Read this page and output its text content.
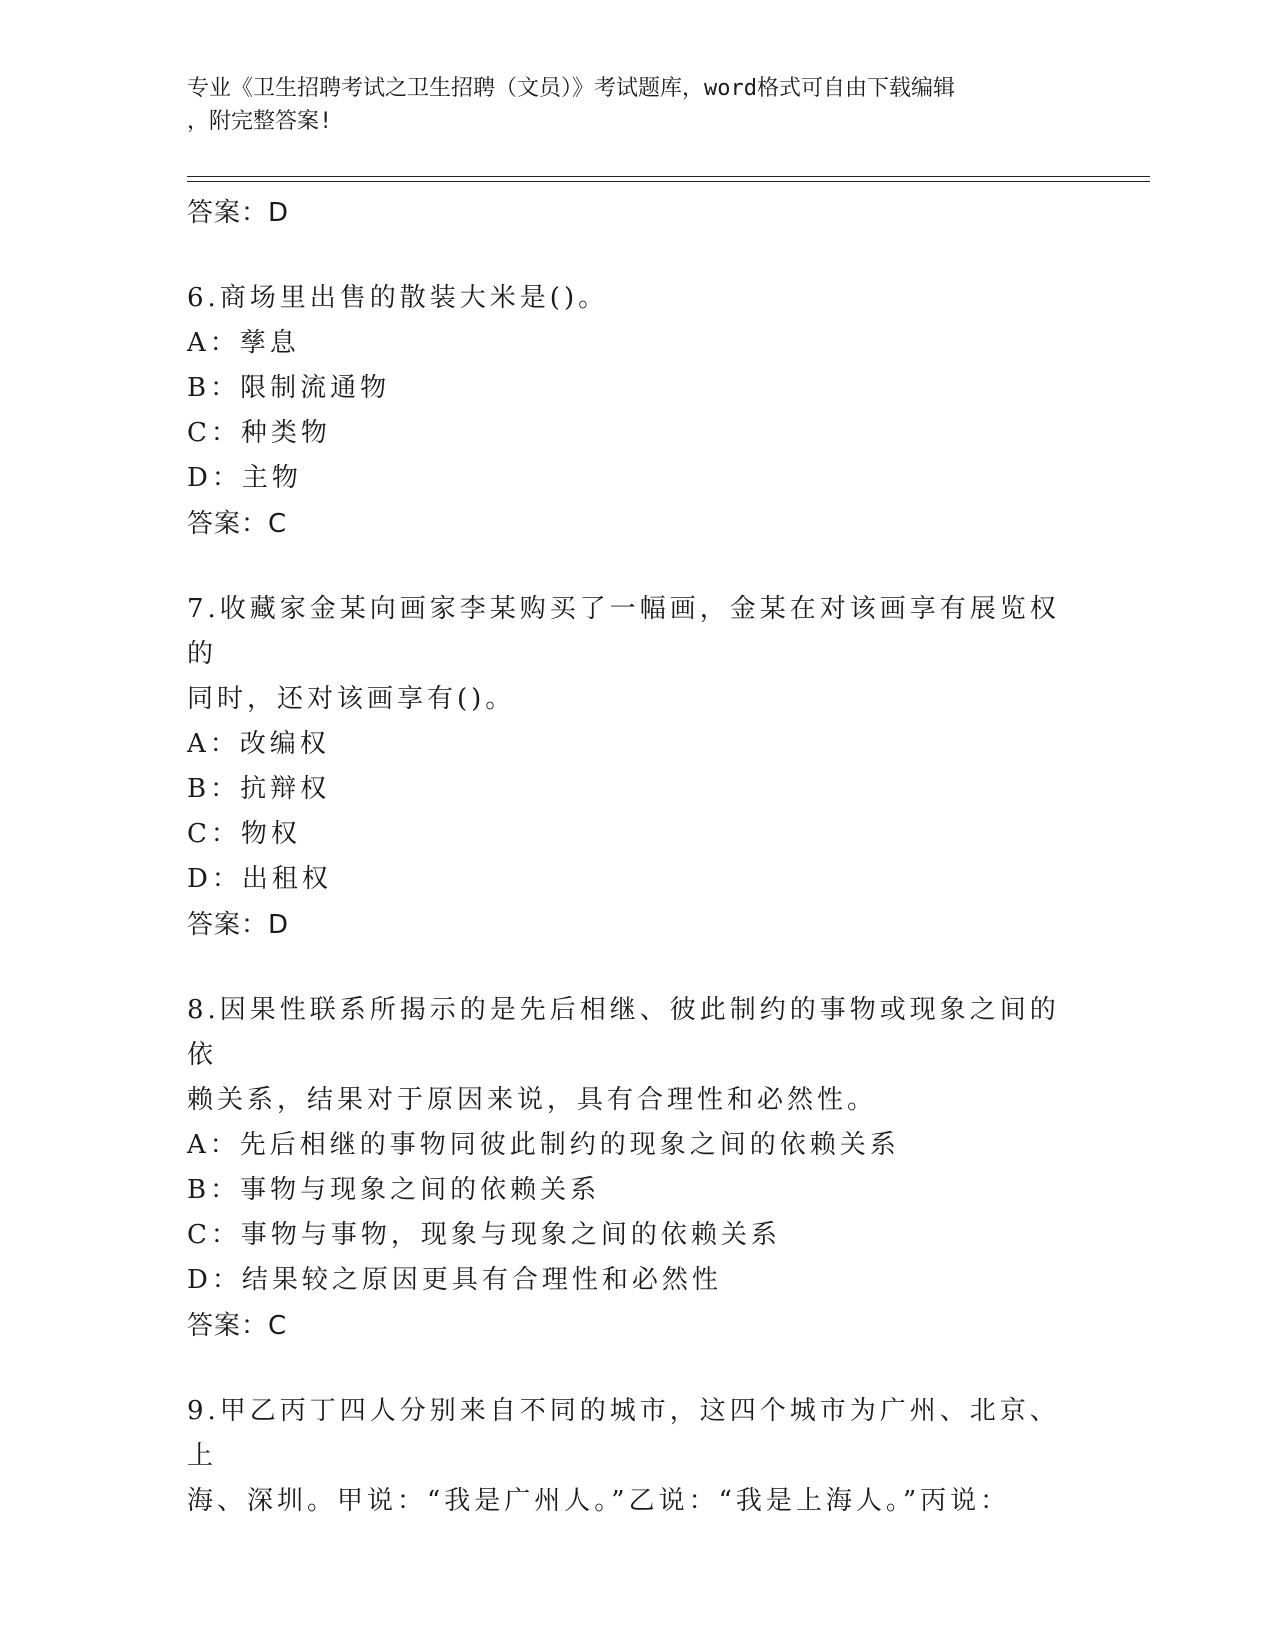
专业《卫生招聘考试之卫生招聘（文员）》考试题库，word格式可自由下载编辑
，附完整答案!
答案：D

6.商场里出售的散装大米是()。

A：孳息

B：限制流通物

C：种类物

D：主物

答案：C

7.收藏家金某向画家李某购买了一幅画，金某在对该画享有展览权的

同时，还对该画享有()。

A：改编权

B：抗辩权

C：物权

D：出租权

答案：D

8.因果性联系所揭示的是先后相继、彼此制约的事物或现象之间的依

赖关系，结果对于原因来说，具有合理性和必然性。

A：先后相继的事物同彼此制约的现象之间的依赖关系

B：事物与现象之间的依赖关系

C：事物与事物，现象与现象之间的依赖关系

D：结果较之原因更具有合理性和必然性

答案：C

9.甲乙丙丁四人分别来自不同的城市，这四个城市为广州、北京、上

海、深圳。甲说：“我是广州人。”乙说：“我是上海人。”丙说：
